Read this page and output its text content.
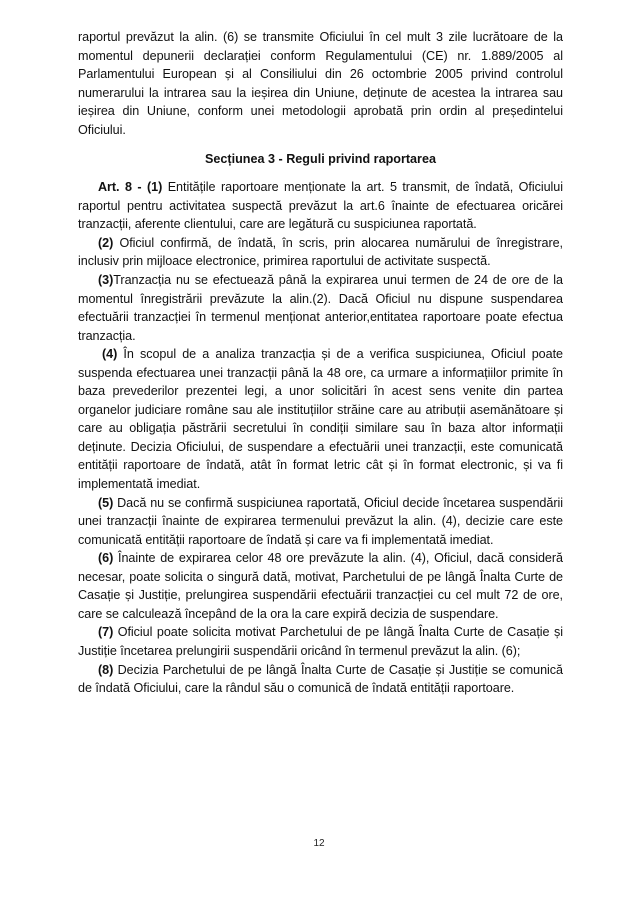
raportul prevăzut la alin. (6) se transmite Oficiului în cel mult 3 zile lucrătoare de la momentul depunerii declarației conform Regulamentului (CE) nr. 1.889/2005 al Parlamentului European și al Consiliului din 26 octombrie 2005 privind controlul numerarului la intrarea sau la ieșirea din Uniune, deținute de acestea la intrarea sau ieșirea din Uniune, conform unei metodologii aprobată prin ordin al președintelui Oficiului.

Secțiunea 3 - Reguli privind raportarea

Art. 8 - (1) Entitățile raportoare menționate la art. 5 transmit, de îndată, Oficiului raportul pentru activitatea suspectă prevăzut la art.6 înainte de efectuarea oricărei tranzacții, aferente clientului, care are legătură cu suspiciunea raportată.

(2) Oficiul confirmă, de îndată, în scris, prin alocarea numărului de înregistrare, inclusiv prin mijloace electronice, primirea raportului de activitate suspectă.

(3)Tranzacția nu se efectuează până la expirarea unui termen de 24 de ore de la momentul înregistrării prevăzute la alin.(2). Dacă Oficiul nu dispune suspendarea efectuării tranzacției în termenul menționat anterior,entitatea raportoare poate efectua tranzacția.

(4) În scopul de a analiza tranzacția și de a verifica suspiciunea, Oficiul poate suspenda efectuarea unei tranzacții până la 48 ore, ca urmare a informațiilor primite în baza prevederilor prezentei legi, a unor solicitări în acest sens venite din partea organelor judiciare române sau ale instituțiilor străine care au atribuții asemănătoare și care au obligația păstrării secretului în condiții similare sau în baza altor informații deținute. Decizia Oficiului, de suspendare a efectuării unei tranzacții, este comunicată entității raportoare de îndată, atât în format letric cât și în format electronic, și va fi implementată imediat.

(5) Dacă nu se confirmă suspiciunea raportată, Oficiul decide încetarea suspendării unei tranzacții înainte de expirarea termenului prevăzut la alin. (4), decizie care este comunicată entității raportoare de îndată și care va fi implementată imediat.

(6) Înainte de expirarea celor 48 ore prevăzute la alin. (4), Oficiul, dacă consideră necesar, poate solicita o singură dată, motivat, Parchetului de pe lângă Înalta Curte de Casație și Justiție, prelungirea suspendării efectuării tranzacției cu cel mult 72 de ore, care se calculează începând de la ora la care expiră decizia de suspendare.

(7) Oficiul poate solicita motivat Parchetului de pe lângă Înalta Curte de Casație și Justiție încetarea prelungirii suspendării oricând în termenul prevăzut la alin. (6);

(8) Decizia Parchetului de pe lângă Înalta Curte de Casație și Justiție se comunică de îndată Oficiului, care la rândul său o comunică de îndată entității raportoare.

12
